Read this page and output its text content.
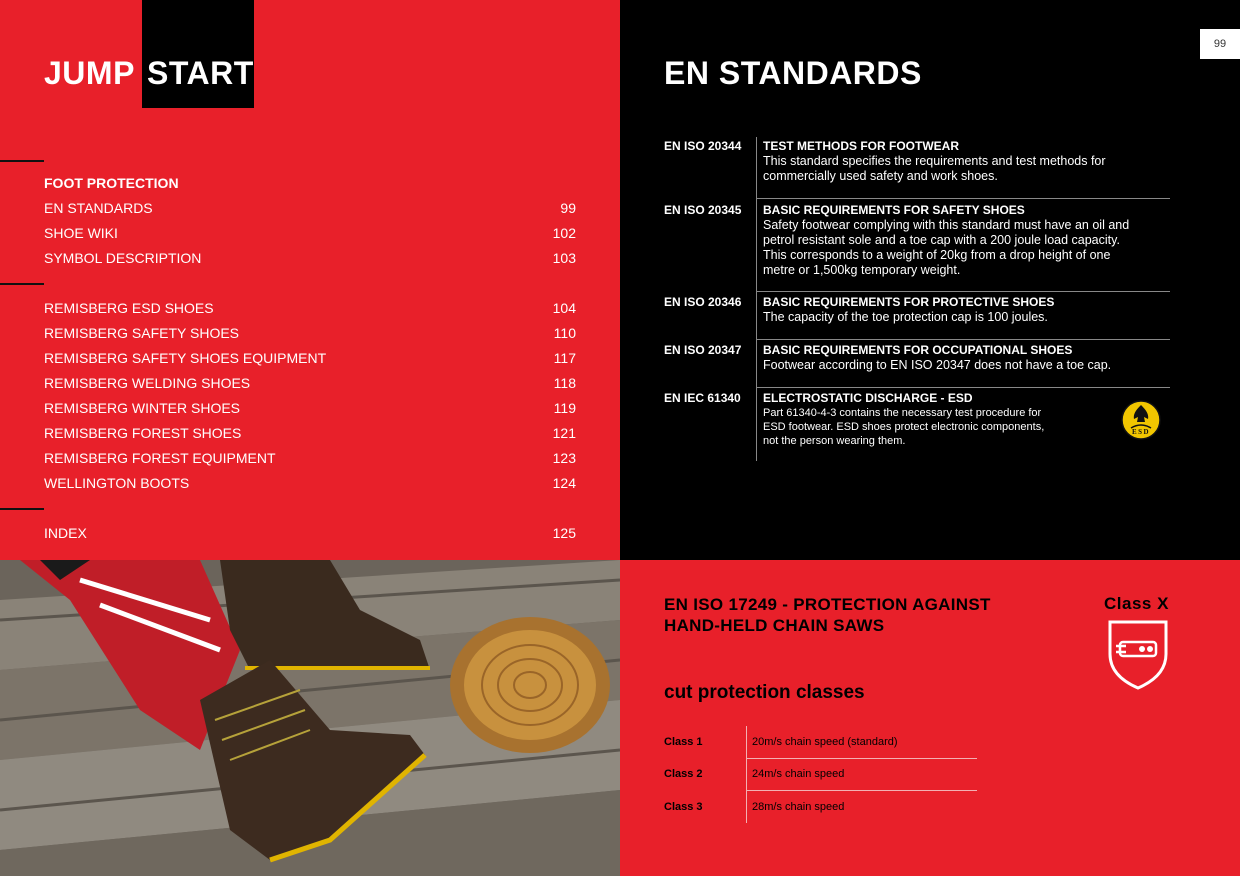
JUMP START
FOOT PROTECTION
EN STANDARDS	99
SHOE WIKI	102
SYMBOL DESCRIPTION	103
REMISBERG ESD SHOES	104
REMISBERG SAFETY SHOES	110
REMISBERG SAFETY SHOES EQUIPMENT	117
REMISBERG WELDING SHOES	118
REMISBERG WINTER SHOES	119
REMISBERG FOREST SHOES	121
REMISBERG FOREST EQUIPMENT	123
WELLINGTON BOOTS	124
INDEX	125
99
EN STANDARDS
EN ISO 20344 TEST METHODS FOR FOOTWEAR
This standard specifies the requirements and test methods for
commercially used safety and work shoes.
EN ISO 20345 BASIC REQUIREMENTS FOR SAFETY SHOES
Safety footwear complying with this standard must have an oil and
petrol resistant sole and a toe cap with a 200 joule load capacity.
This corresponds to a weight of 20kg from a drop height of one
metre or 1,500kg temporary weight.
EN ISO 20346 BASIC REQUIREMENTS FOR PROTECTIVE SHOES
The capacity of the toe protection cap is 100 joules.
EN ISO 20347 BASIC REQUIREMENTS FOR OCCUPATIONAL SHOES
Footwear according to EN ISO 20347 does not have a toe cap.
EN IEC 61340 ELECTROSTATIC DISCHARGE - ESD
Part 61340-4-3 contains the necessary test procedure for
ESD footwear. ESD shoes protect electronic components,
not the person wearing them.
ESD
EN ISO 17249 - PROTECTION AGAINST
HAND-HELD CHAIN SAWS
Class X
cut protection classes
Class 1	20m/s chain speed (standard)
Class 2	24m/s chain speed
Class 3	28m/s chain speed
